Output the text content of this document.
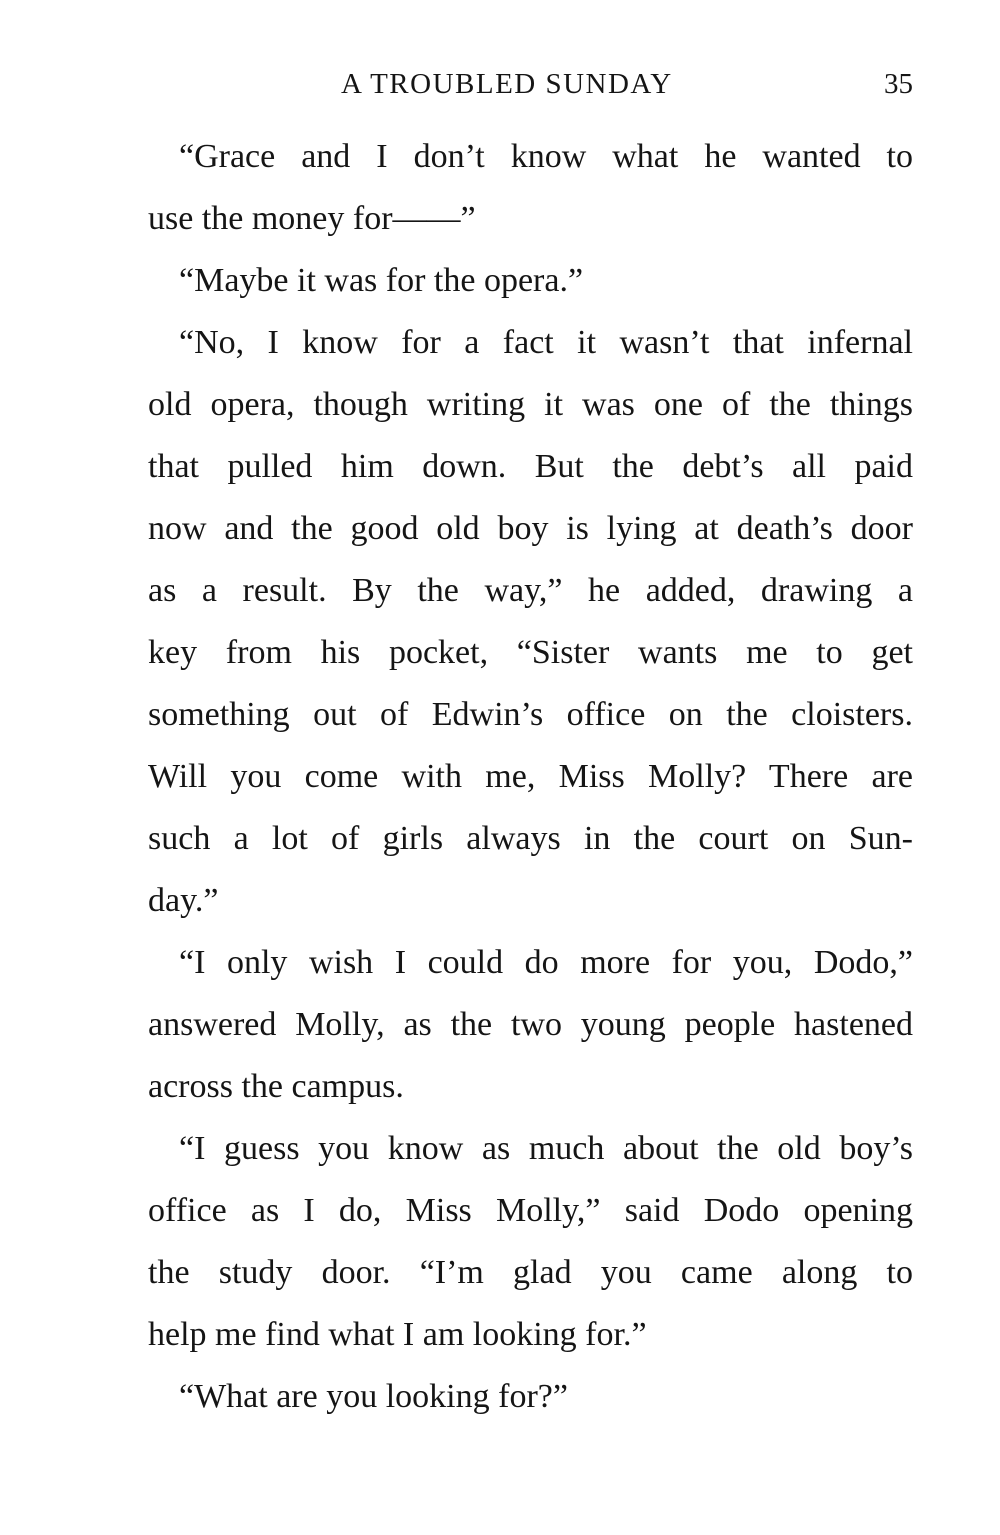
A TROUBLED SUNDAY	35
“Grace and I don’t know what he wanted to
use the money for——”
“Maybe it was for the opera.”
“No, I know for a fact it wasn’t that infernal
old opera, though writing it was one of the things
that pulled him down. But the debt’s all paid
now and the good old boy is lying at death’s door
as a result. By the way,” he added, drawing a
key from his pocket, “Sister wants me to get
something out of Edwin’s office on the cloisters.
Will you come with me, Miss Molly? There are
such a lot of girls always in the court on Sun-
day.”
“I only wish I could do more for you, Dodo,”
answered Molly, as the two young people hastened
across the campus.
“I guess you know as much about the old boy’s
office as I do, Miss Molly,” said Dodo opening
the study door. “I’m glad you came along to
help me find what I am looking for.”
“What are you looking for?”
